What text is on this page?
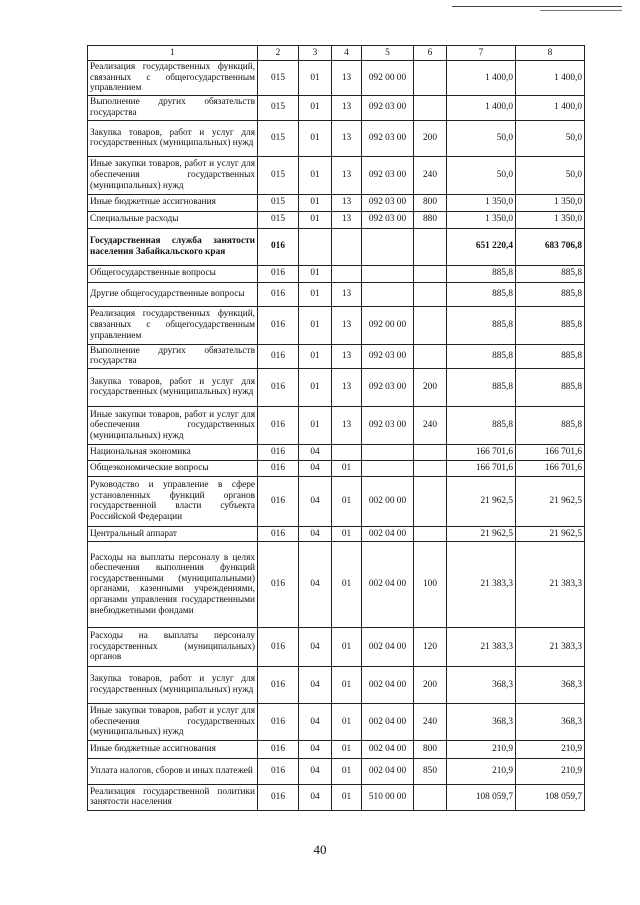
1	2	3	4	5	6	7	8
Реализация государственных функций, связанных с общегосударственным управлением	015	01	13	092 00 00		1 400,0	1 400,0
Выполнение других обязательств государства	015	01	13	092 03 00		1 400,0	1 400,0
Закупка товаров, работ и услуг для государственных (муниципальных) нужд	015	01	13	092 03 00	200	50,0	50,0
Иные закупки товаров, работ и услуг для обеспечения государственных (муниципальных) нужд	015	01	13	092 03 00	240	50,0	50,0
Иные бюджетные ассигнования	015	01	13	092 03 00	800	1 350,0	1 350,0
Специальные расходы	015	01	13	092 03 00	880	1 350,0	1 350,0
Государственная служба занятости населения Забайкальского края	016					651 220,4	683 706,8
Общегосударственные вопросы	016	01				885,8	885,8
Другие общегосударственные вопросы	016	01	13			885,8	885,8
Реализация государственных функций, связанных с общегосударственным управлением	016	01	13	092 00 00		885,8	885,8
Выполнение других обязательств государства	016	01	13	092 03 00		885,8	885,8
Закупка товаров, работ и услуг для государственных (муниципальных) нужд	016	01	13	092 03 00	200	885,8	885,8
Иные закупки товаров, работ и услуг для обеспечения государственных (муниципальных) нужд	016	01	13	092 03 00	240	885,8	885,8
Национальная экономика	016	04				166 701,6	166 701,6
Общеэкономические вопросы	016	04	01			166 701,6	166 701,6
Руководство и управление в сфере установленных функций органов государственной власти субъекта Российской Федерации	016	04	01	002 00 00		21 962,5	21 962,5
Центральный аппарат	016	04	01	002 04 00		21 962,5	21 962,5
Расходы на выплаты персоналу в целях обеспечения выполнения функций государственными (муниципальными) органами, казенными учреждениями, органами управления государственными внебюджетными фондами	016	04	01	002 04 00	100	21 383,3	21 383,3
Расходы на выплаты персоналу государственных (муниципальных) органов	016	04	01	002 04 00	120	21 383,3	21 383,3
Закупка товаров, работ и услуг для государственных (муниципальных) нужд	016	04	01	002 04 00	200	368,3	368,3
Иные закупки товаров, работ и услуг для обеспечения государственных (муниципальных) нужд	016	04	01	002 04 00	240	368,3	368,3
Иные бюджетные ассигнования	016	04	01	002 04 00	800	210,9	210,9
Уплата налогов, сборов и иных платежей	016	04	01	002 04 00	850	210,9	210,9
Реализация государственной политики занятости населения	016	04	01	510 00 00		108 059,7	108 059,7
40
